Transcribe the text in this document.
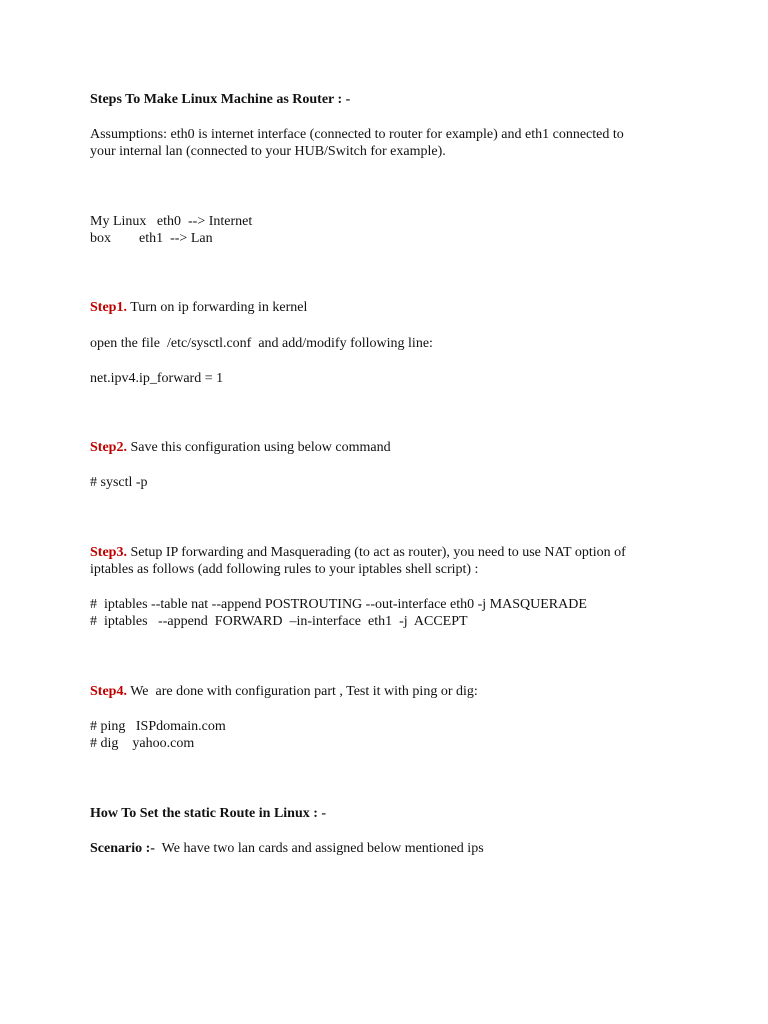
Steps To Make Linux Machine as Router : -
Assumptions: eth0 is internet interface (connected to router for example) and eth1 connected to
your internal lan (connected to your HUB/Switch for example).
My Linux   eth0  --> Internet
box        eth1  --> Lan
Step1. Turn on ip forwarding in kernel
open the file  /etc/sysctl.conf  and add/modify following line:
net.ipv4.ip_forward = 1
Step2. Save this configuration using below command
# sysctl -p
Step3. Setup IP forwarding and Masquerading (to act as router), you need to use NAT option of
iptables as follows (add following rules to your iptables shell script) :
#  iptables --table nat --append POSTROUTING --out-interface eth0 -j MASQUERADE
#  iptables   --append  FORWARD  –in-interface  eth1  -j  ACCEPT
Step4. We  are done with configuration part , Test it with ping or dig:
# ping   ISPdomain.com
# dig    yahoo.com
How To Set the static Route in Linux : -
Scenario :-  We have two lan cards and assigned below mentioned ips
